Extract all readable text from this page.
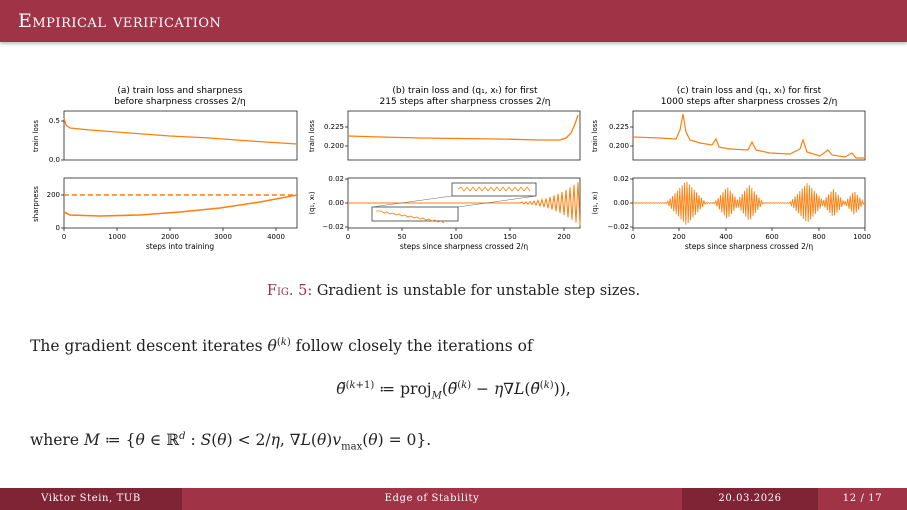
Empirical verification
(a) train loss and sharpness
before sharpness crosses 2/η
train loss 0.5
0.0
sharpness 200
0
0	1000	2000	3000	4000
steps into training
(b) train loss and (q₁, xₜ) for first
215 steps after sharpness crosses 2/η
train loss 0.225
0.200
⟨q₁, xₜ⟩
0.02
0.00
−0.02
0	50	100	150	200
steps since sharpness crossed 2/η
(c) train loss and (q₁, xₜ) for first
1000 steps after sharpness crosses 2/η
train loss 0.225
0.200
⟨q₁, xₜ⟩
0.02
0.00
−0.02
0	200	400	600	800	1000
steps since sharpness crossed 2/η
Fig. 5: Gradient is unstable for unstable step sizes.
The gradient descent iterates $\theta^{(k)}$ follow closely the iterations of
θ̃$^{(k+1)}$ ≔ proj$_M$(θ̃$^{(k)}$ − η∇L(θ̃$^{(k)}$)),
where M ≔ {θ ∈ ℝ$^d$ : S(θ) < 2/η, $\nabla L(\theta)v_{max}(\theta) = 0$}.
Viktor Stein, TUB	Edge of Stability	20.03.2026	12 / 17
